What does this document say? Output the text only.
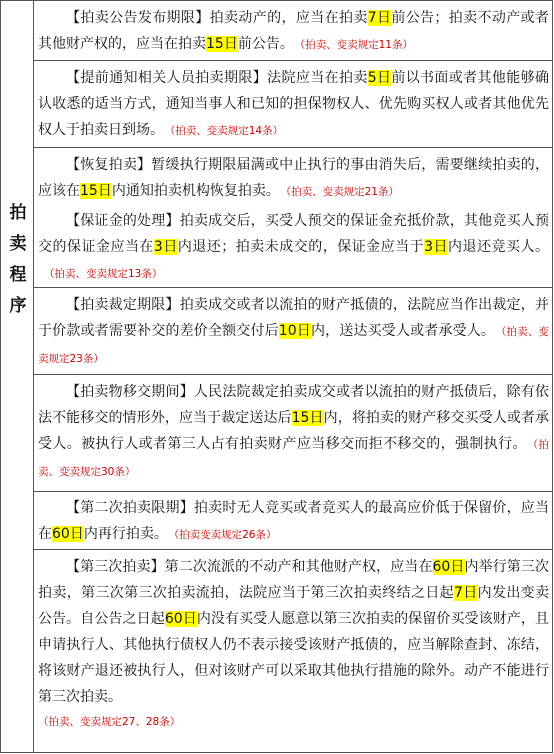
拍卖程序
【拍卖公告发布期限】拍卖动产的，应当在拍卖7日前公告；拍卖不动产或者其他财产权的，应当在拍卖15日前公告。 （拍卖、变卖规定11条）
【提前通知相关人员拍卖期限】法院应当在拍卖5日前以书面或者其他能够确认收悉的适当方式，通知当事人和已知的担保物权人、优先购买权人或者其他优先权人于拍卖日到场。 （拍卖、变卖规定14条）
【恢复拍卖】暂缓执行期限届满或中止执行的事由消失后，需要继续拍卖的，应该在15日内通知拍卖机构恢复拍卖。 （拍卖、变卖规定21条）
【保证金的处理】拍卖成交后，买受人预交的保证金充抵价款，其他竞买人预交的保证金应当在3日内退还；拍卖未成交的，保证金应当于3日内退还竞买人。（拍卖、变卖规定13条）
【拍卖裁定期限】拍卖成交或者以流拍的财产抵债的，法院应当作出裁定，并于价款或者需要补交的差价全额交付后10日内，送达买受人或者承受人。 （拍卖、变卖规定23条）
【拍卖物移交期间】人民法院裁定拍卖成交或者以流拍的财产抵债后，除有依法不能移交的情形外，应当于裁定送达后15日内，将拍卖的财产移交买受人或者承受人。被执行人或者第三人占有拍卖财产应当移交而拒不移交的，强制执行。 （拍卖、变卖规定30条）
【第二次拍卖限期】拍卖时无人竞买或者竞买人的最高应价低于保留价，应当在60日内再行拍卖。 （拍卖变卖规定26条）
【第三次拍卖】第二次流派的不动产和其他财产权，应当在60日内举行第三次拍卖，第三次第三次拍卖流拍，法院应当于第三次拍卖终结之日起7日内发出变卖公告。自公告之日起60日内没有买受人愿意以第三次拍卖的保留价买受该财产，且申请执行人、其他执行债权人仍不表示接受该财产抵债的，应当解除查封、冻结，将该财产退还被执行人，但对该财产可以采取其他执行措施的除外。动产不能进行第三次拍卖。
（拍卖、变卖规定27、28条）
